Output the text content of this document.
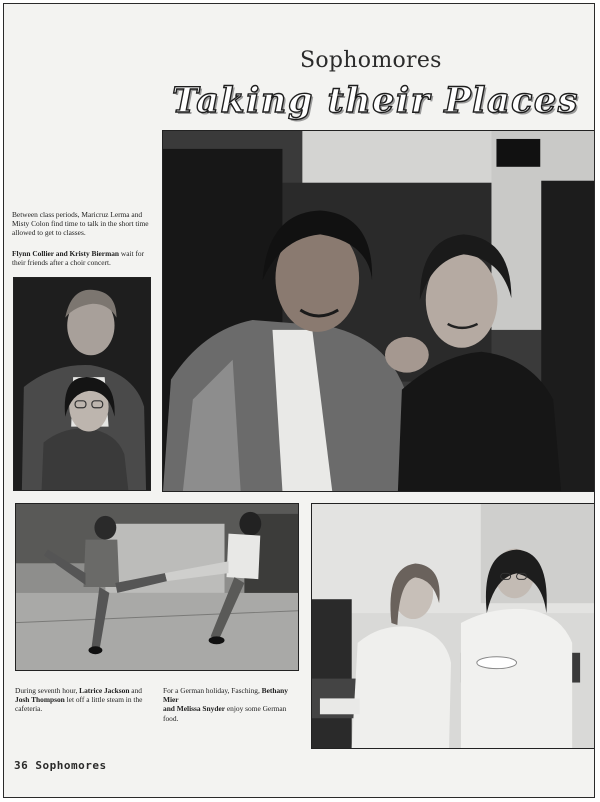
Sophomores
Taking their Places
Between class periods, Maricruz Lerma and Misty Colon find time to talk in the short time allowed to get to classes.
Flynn Collier and Kristy Bierman wait for their friends after a choir concert.
During seventh hour, Latrice Jackson and Josh Thompson let off a little steam in the cafeteria.
For a German holiday, Fasching, Bethany Mier
and Melissa Snyder enjoy some German food.
36 Sophomores
